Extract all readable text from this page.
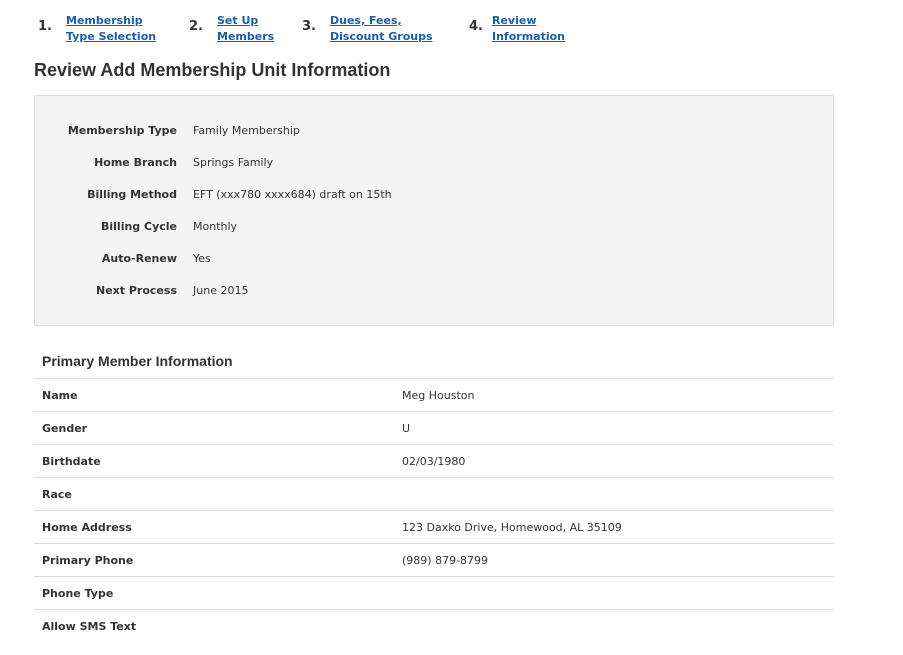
1. Membership
Type Selection
2. Set Up
Members
3. Dues, Fees,
Discount Groups
4. Review
Information
Review Add Membership Unit Information
Membership Type Family Membership
Home Branch Springs Family
Billing Method EFT (xxx780 xxxx684) draft on 15th
Billing Cycle Monthly
Auto-Renew Yes
Next Process June 2015
Primary Member Information
Name	Meg Houston
Gender	U
Birthdate	02/03/1980
Race
Home Address	123 Daxko Drive, Homewood, AL 35109
Primary Phone	(989) 879-8799
Phone Type
Allow SMS Text
